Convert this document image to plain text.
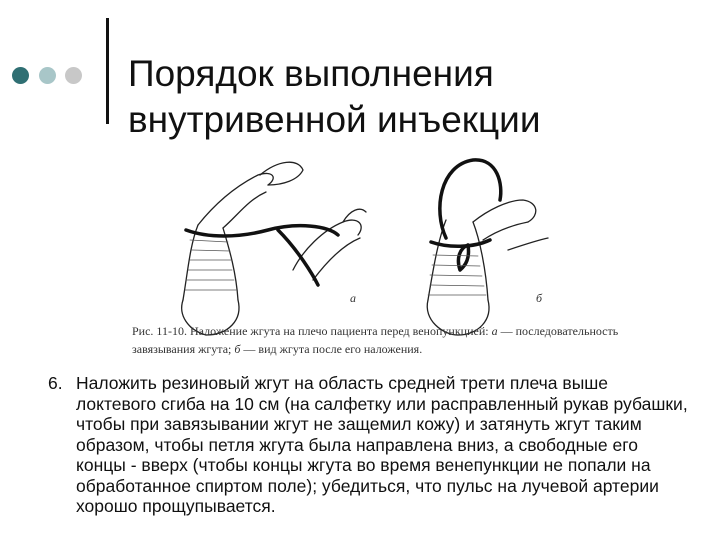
Порядок выполнения внутривенной инъекции
а	б
Рис. 11-10. Наложение жгута на плечо пациента перед венопункцией: а — последовательность завязывания жгута; б — вид жгута после его наложения.
6. Наложить резиновый жгут на область средней трети плеча выше локтевого сгиба на 10 см (на салфетку или расправленный рукав рубашки, чтобы при завязывании жгут не защемил кожу) и затянуть жгут таким образом, чтобы петля жгута была направлена вниз, а свободные его концы - вверх (чтобы концы жгута во время венепункции не попали на обработанное спиртом поле); убедиться, что пульс на лучевой артерии хорошо прощупывается.
